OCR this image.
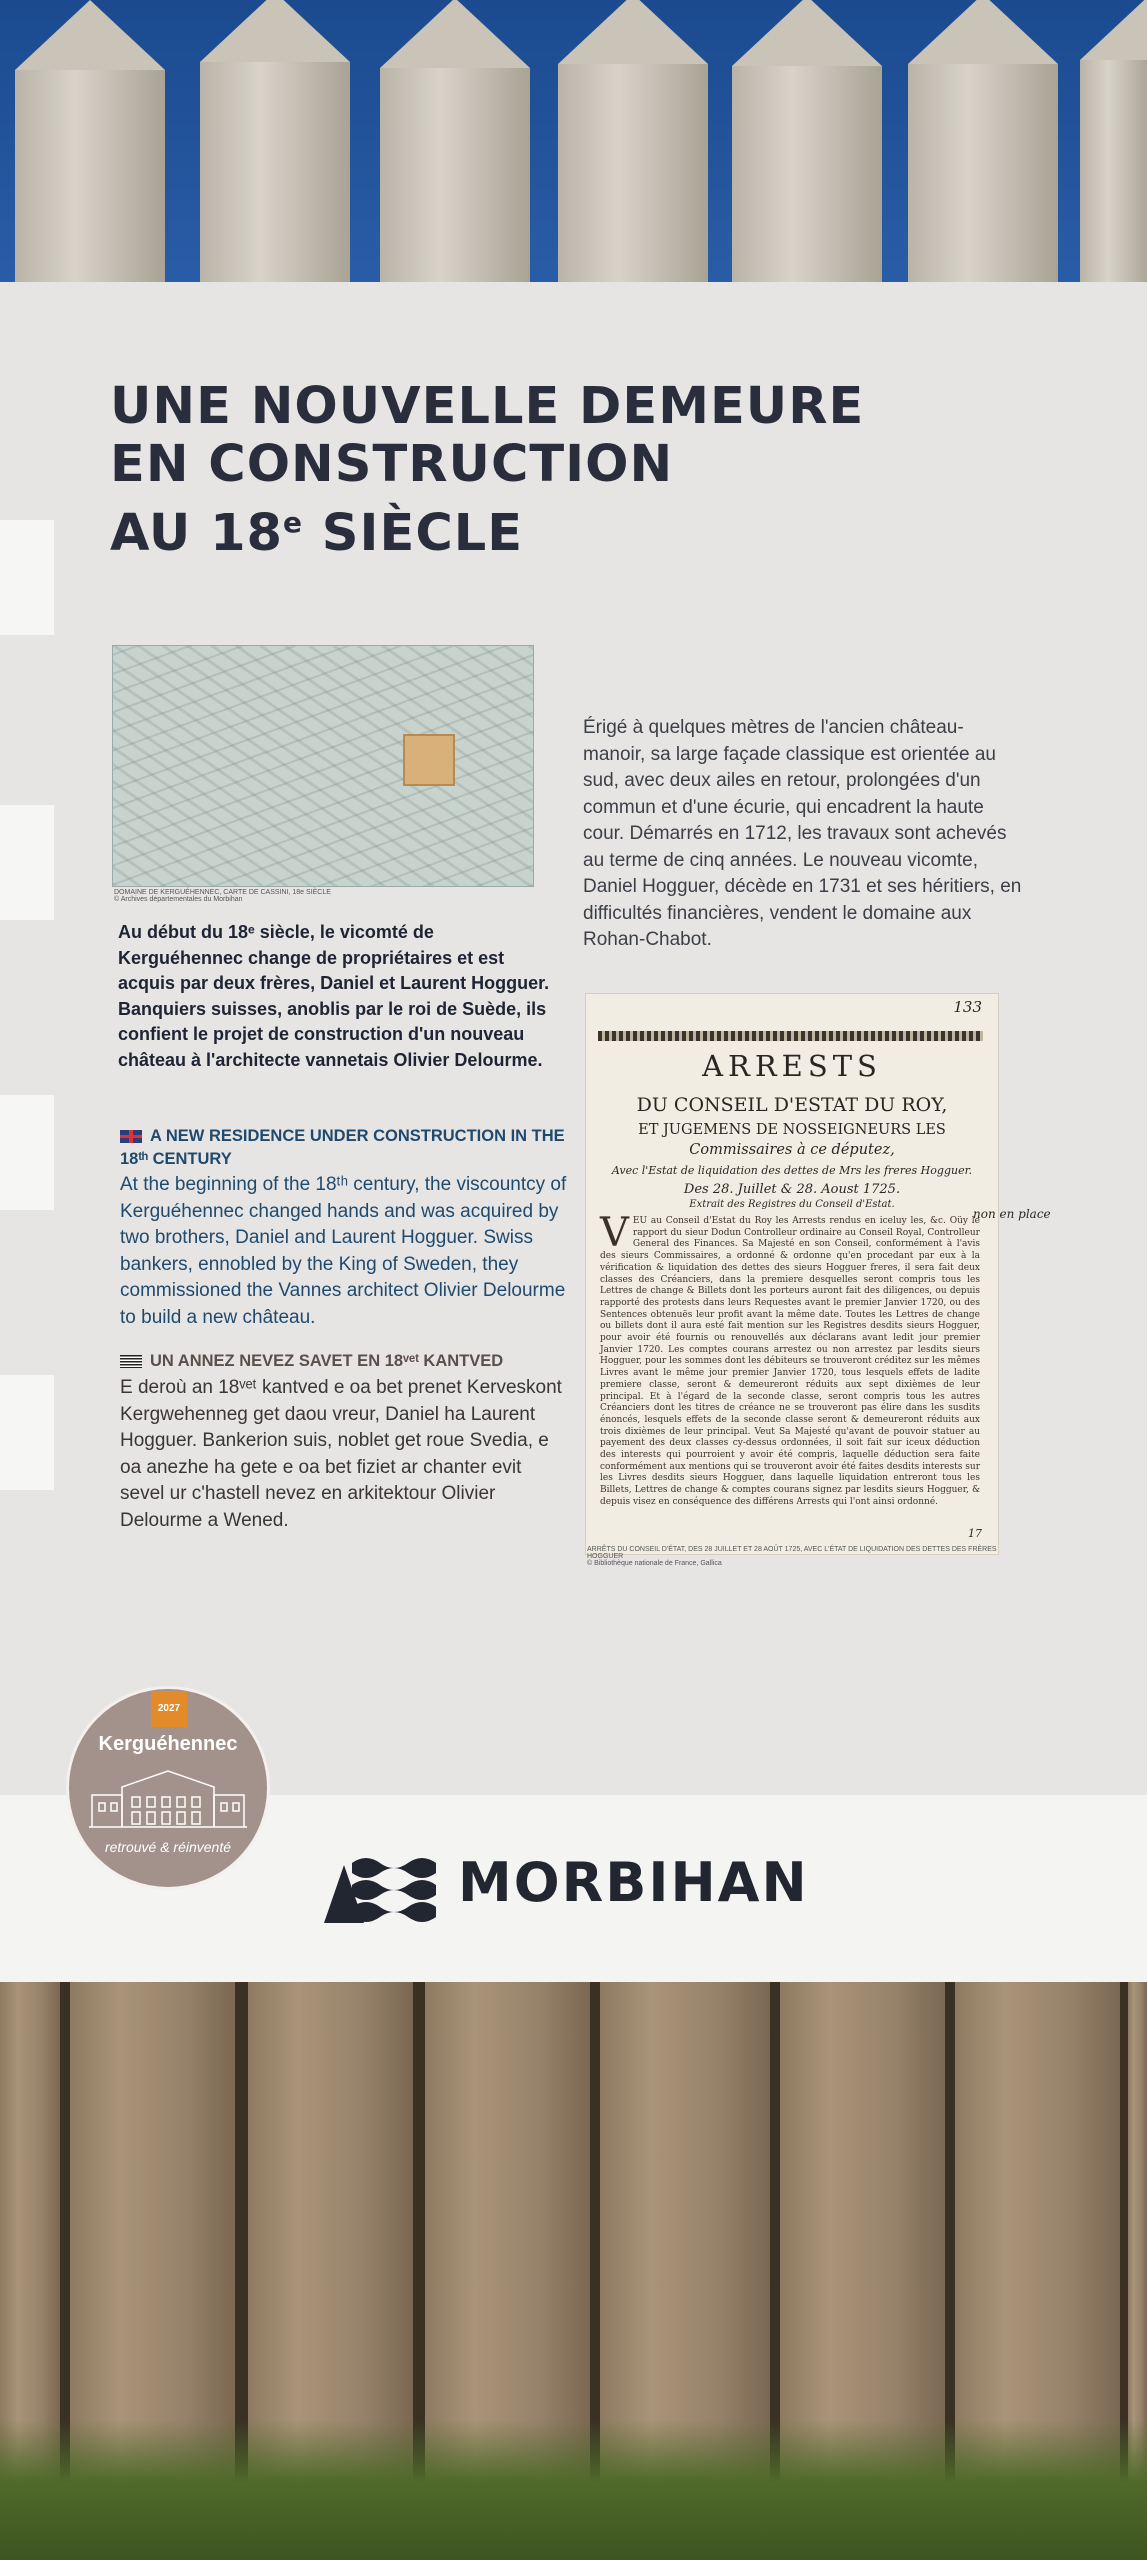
UNE NOUVELLE DEMEURE
EN CONSTRUCTION
AU 18e SIÈCLE
DOMAINE DE KERGUÉHENNEC, CARTE DE CASSINI, 18e SIÈCLE
© Archives départementales du Morbihan
Au début du 18ᵉ siècle, le vicomté de Kerguéhennec change de propriétaires et est acquis par deux frères, Daniel et Laurent Hogguer. Banquiers suisses, anoblis par le roi de Suède, ils confient le projet de construction d'un nouveau château à l'architecte vannetais Olivier Delourme.
Érigé à quelques mètres de l'ancien château-manoir, sa large façade classique est orientée au sud, avec deux ailes en retour, prolongées d'un commun et d'une écurie, qui encadrent la haute cour. Démarrés en 1712, les travaux sont achevés au terme de cinq années. Le nouveau vicomte, Daniel Hogguer, décède en 1731 et ses héritiers, en difficultés financières, vendent le domaine aux Rohan-Chabot.
A NEW RESIDENCE UNDER CONSTRUCTION IN THE 18ᵗʰ CENTURY
At the beginning of the 18ᵗʰ century, the viscountcy of Kerguéhennec changed hands and was acquired by two brothers, Daniel and Laurent Hogguer. Swiss bankers, ennobled by the King of Sweden, they commissioned the Vannes architect Olivier Delourme to build a new château.
UN ANNEZ NEVEZ SAVET EN 18ᵛᵉᵗ KANTVED
E deroù an 18ᵛᵉᵗ kantved e oa bet prenet Kerveskont Kergwehenneg get daou vreur, Daniel ha Laurent Hogguer. Bankerion suis, noblet get roue Svedia, e oa anezhe ha gete e oa bet fiziet ar chanter evit sevel ur c'hastell nevez en arkitektour Olivier Delourme a Wened.
133
ARRESTS
DU CONSEIL D'ESTAT DU ROY,
ET JUGEMENS DE NOSSEIGNEURS LES
Commissaires à ce députez,
Avec l'Estat de liquidation des dettes de Mrs les freres Hogguer.
Des 28. Juillet & 28. Aoust 1725.
Extrait des Registres du Conseil d'Estat.
VEU au Conseil d'Estat du Roy les Arrests rendus en iceluy les, &c. Oüy le rapport du sieur Dodun Controlleur ordinaire au Conseil Royal, Controlleur General des Finances. Sa Majesté en son Conseil, conformément à l'avis des sieurs Commissaires, a ordonné & ordonne qu'en procedant par eux à la vérification & liquidation des dettes des sieurs Hogguer freres, il sera fait deux classes des Créanciers, dans la premiere desquelles seront compris tous les Lettres de change & Billets dont les porteurs auront fait des diligences, ou depuis rapporté des protests dans leurs Requestes avant le premier Janvier 1720, ou des Sentences obtenuës leur profit avant la même date. Toutes les Lettres de change ou billets dont il aura esté fait mention sur les Registres desdits sieurs Hogguer, pour avoir été fournis ou renouvellés aux déclarans avant ledit jour premier Janvier 1720. Les comptes courans arrestez ou non arrestez par lesdits sieurs Hogguer, pour les sommes dont les débiteurs se trouveront créditez sur les mêmes Livres avant le même jour premier Janvier 1720, tous lesquels effets de ladite premiere classe, seront & demeureront réduits aux sept dixièmes de leur principal. Et à l'égard de la seconde classe, seront compris tous les autres Créanciers dont les titres de créance ne se trouveront pas élire dans les susdits énoncés, lesquels effets de la seconde classe seront & demeureront réduits aux trois dixièmes de leur principal. Veut Sa Majesté qu'avant de pouvoir statuer au payement des deux classes cy-dessus ordonnées, il soit fait sur iceux déduction des interests qui pourroient y avoir été compris, laquelle déduction sera faite conformément aux mentions qui se trouveront avoir été faites desdits interests sur les Livres desdits sieurs Hogguer, dans laquelle liquidation entreront tous les Billets, Lettres de change & comptes courans signez par lesdits sieurs Hogguer, & depuis visez en conséquence des différens Arrests qui l'ont ainsi ordonné.
17
non en place
ARRÊTS DU CONSEIL D'ÉTAT, DES 28 JUILLET ET 28 AOÛT 1725, AVEC L'ÉTAT DE LIQUIDATION DES DETTES DES FRÈRES HOGGUER
© Bibliothèque nationale de France, Gallica
2027
Kerguéhennec
retrouvé & réinventé
MORBIHAN
